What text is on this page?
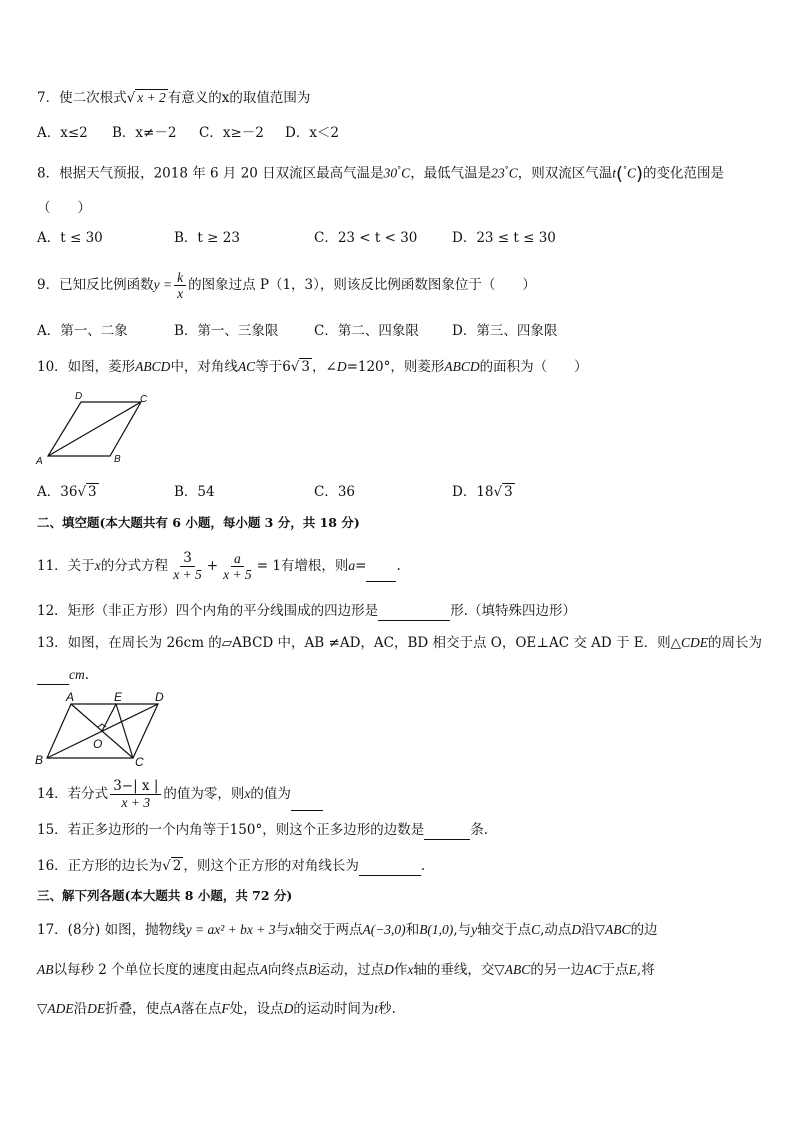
7．使二次根式√ x + 2 有意义的x的取值范围为
A．x≤2 B．x≠－2 C．x≥－2 D．x＜2
8．根据天气预报，2018 年 6 月 20 日双流区最高气温是30°C，最低气温是23°C，则双流区气温t(°C)的变化范围是
（　　）
A．t ≤ 30	B．t ≥ 23	C．23 < t < 30	D．23 ≤ t ≤ 30
9．已知反比例函数$y = \frac{k}{x}$ 的图象过点 P（1，3），则该反比例函数图象位于（　　）
A．第一、二象	B．第一、三象限	C．第二、四象限 D．第三、四象限
10．如图，菱形ABCD中，对角线AC等于6√ 3 ，∠D=120°，则菱形ABCD的面积为（　　）
D	C
A	B
A．36√ 3	B．54	C．36	D．18√ 3
二、填空题(本大题共有 6 小题，每小题 3 分，共 18 分)
11．关于x的分式方程 $\frac{3}{x + 5} + \frac{a}{x + 5} = 1$有增根，则a= .
12．矩形（非正方形）四个内角的平分线围成的四边形是	形.（填特殊四边形）
13．如图，在周长为 26cm 的▱ABCD 中，AB ≠AD，AC，BD 相交于点 O，OE⊥AC 交 AD 于 E．则△CDE的周长为
cm.
A	E	D
O
B	C
14．若分式 $\frac{3-| x |}{x + 3}$ 的值为零，则x的值为
15．若正多边形的一个内角等于150°，则这个正多边形的边数是	条.
16．正方形的边长为√ 2 ，则这个正方形的对角线长为	.
三、解下列各题(本大题共 8 小题，共 72 分)
17．(8分) 如图，抛物线y = ax² + bx + 3与x轴交于两点A(−3,0)和B(1,0),与y轴交于点C,动点D沿▽ABC的边
AB以每秒 2 个单位长度的速度由起点A向终点B运动，过点D作x轴的垂线，交▽ABC的另一边AC于点E,将
▽ADE沿DE折叠，使点A落在点F处，设点D的运动时间为t秒.
